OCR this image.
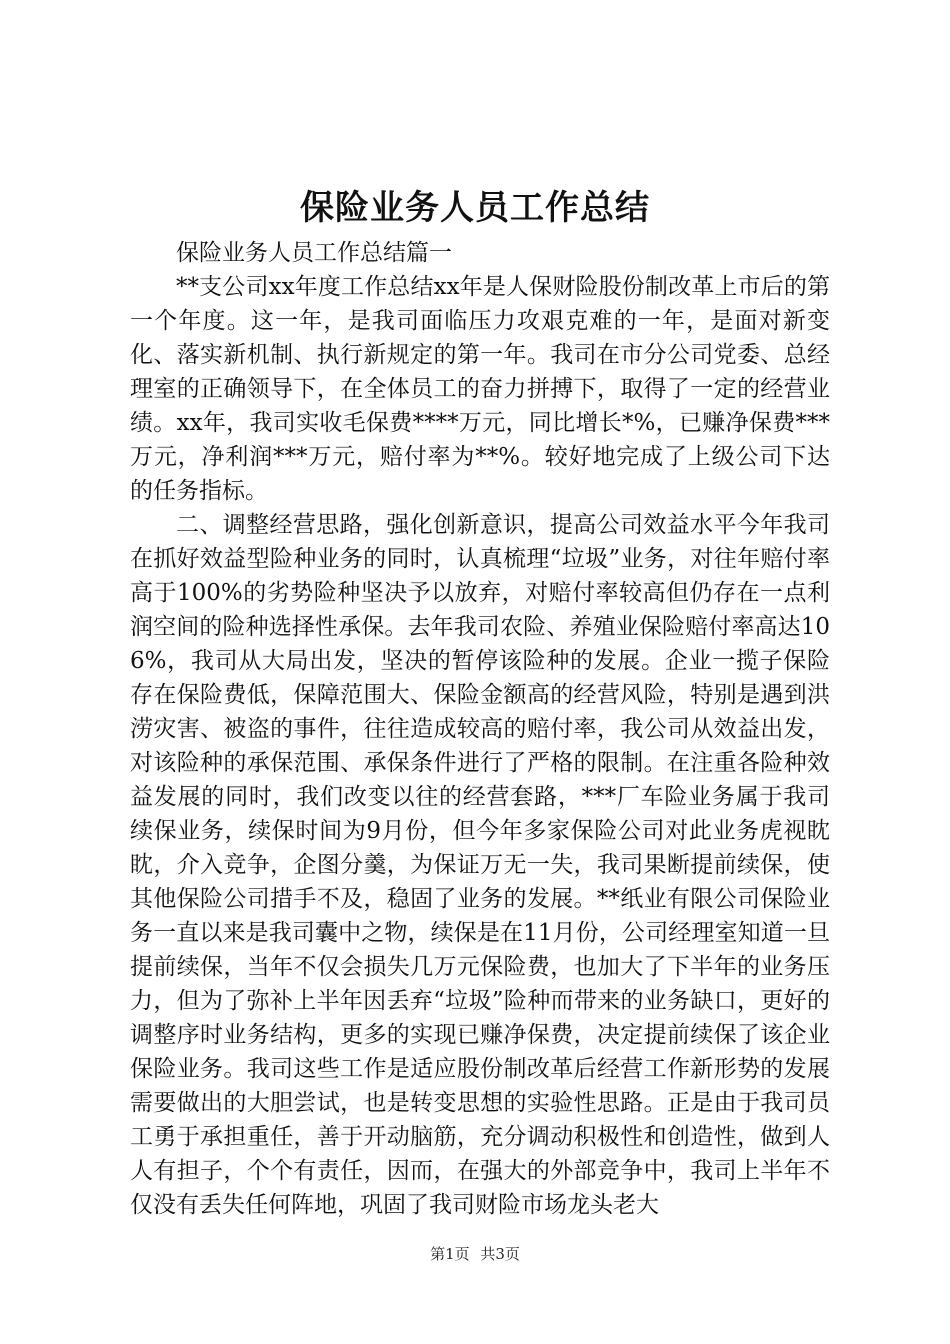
保险业务人员工作总结

保险业务人员工作总结篇一

**支公司xx年度工作总结xx年是人保财险股份制改革上市后的第一个年度。这一年，是我司面临压力攻艰克难的一年，是面对新变化、落实新机制、执行新规定的第一年。我司在市分公司党委、总经理室的正确领导下，在全体员工的奋力拼搏下，取得了一定的经营业绩。xx年，我司实收毛保费****万元，同比增长*%，已赚净保费***万元，净利润***万元，赔付率为**%。较好地完成了上级公司下达的任务指标。

二、调整经营思路，强化创新意识，提高公司效益水平今年我司在抓好效益型险种业务的同时，认真梳理“垃圾”业务，对往年赔付率高于100%的劣势险种坚决予以放弃，对赔付率较高但仍存在一点利润空间的险种选择性承保。去年我司农险、养殖业保险赔付率高达106%，我司从大局出发，坚决的暂停该险种的发展。企业一揽子保险存在保险费低，保障范围大、保险金额高的经营风险，特别是遇到洪涝灾害、被盗的事件，往往造成较高的赔付率，我公司从效益出发，对该险种的承保范围、承保条件进行了严格的限制。在注重各险种效益发展的同时，我们改变以往的经营套路，***厂车险业务属于我司续保业务，续保时间为9月份，但今年多家保险公司对此业务虎视眈眈，介入竞争，企图分羹，为保证万无一失，我司果断提前续保，使其他保险公司措手不及，稳固了业务的发展。**纸业有限公司保险业务一直以来是我司囊中之物，续保是在11月份，公司经理室知道一旦提前续保，当年不仅会损失几万元保险费，也加大了下半年的业务压力，但为了弥补上半年因丢弃“垃圾”险种而带来的业务缺口，更好的调整序时业务结构，更多的实现已赚净保费，决定提前续保了该企业保险业务。我司这些工作是适应股份制改革后经营工作新形势的发展需要做出的大胆尝试，也是转变思想的实验性思路。正是由于我司员工勇于承担重任，善于开动脑筋，充分调动积极性和创造性，做到人人有担子，个个有责任，因而，在强大的外部竞争中，我司上半年不仅没有丢失任何阵地，巩固了我司财险市场龙头老大

第1页 共3页
